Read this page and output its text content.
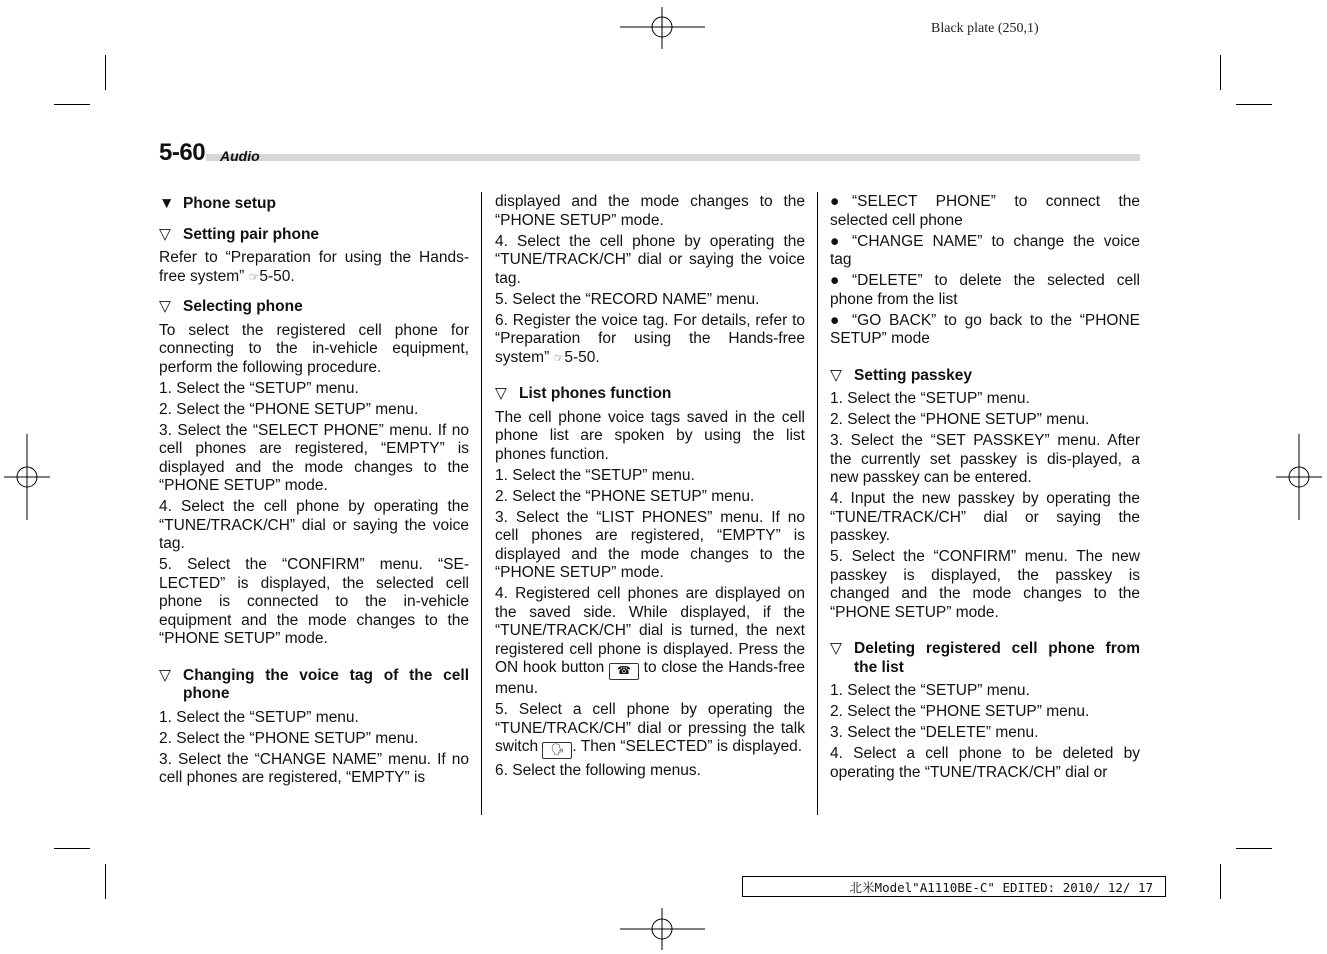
Black plate (250,1)
5-60 Audio

▼ Phone setup

▽ Setting pair phone

Refer to “Preparation for using the Hands-free system” ☞5-50.

▽ Selecting phone

To select the registered cell phone for connecting to the in-vehicle equipment, perform the following procedure.

1. Select the “SETUP” menu.

2. Select the “PHONE SETUP” menu.

3. Select the “SELECT PHONE” menu. If no cell phones are registered, “EMPTY” is displayed and the mode changes to the “PHONE SETUP” mode.

4. Select the cell phone by operating the “TUNE/TRACK/CH” dial or saying the voice tag.

5. Select the “CONFIRM” menu. “SE-LECTED” is displayed, the selected cell phone is connected to the in-vehicle equipment and the mode changes to the “PHONE SETUP” mode.

▽ Changing the voice tag of the cell phone

1. Select the “SETUP” menu.

2. Select the “PHONE SETUP” menu.

3. Select the “CHANGE NAME” menu. If no cell phones are registered, “EMPTY” is

displayed and the mode changes to the “PHONE SETUP” mode.

4. Select the cell phone by operating the “TUNE/TRACK/CH” dial or saying the voice tag.

5. Select the “RECORD NAME” menu.

6. Register the voice tag. For details, refer to “Preparation for using the Hands-free system” ☞5-50.

▽ List phones function

The cell phone voice tags saved in the cell phone list are spoken by using the list phones function.

1. Select the “SETUP” menu.

2. Select the “PHONE SETUP” menu.

3. Select the “LIST PHONES” menu. If no cell phones are registered, “EMPTY” is displayed and the mode changes to the “PHONE SETUP” mode.

4. Registered cell phones are displayed on the saved side. While displayed, if the “TUNE/TRACK/CH” dial is turned, the next registered cell phone is displayed. Press the ON hook button ☎ to close the Hands-free menu.

5. Select a cell phone by operating the “TUNE/TRACK/CH” dial or pressing the talk switch 🗣 . Then “SELECTED” is displayed.

6. Select the following menus.

● “SELECT PHONE” to connect the selected cell phone

● “CHANGE NAME” to change the voice tag

● “DELETE” to delete the selected cell phone from the list

● “GO BACK” to go back to the “PHONE SETUP” mode

▽ Setting passkey

1. Select the “SETUP” menu.

2. Select the “PHONE SETUP” menu.

3. Select the “SET PASSKEY” menu. After the currently set passkey is dis-played, a new passkey can be entered.

4. Input the new passkey by operating the “TUNE/TRACK/CH” dial or saying the passkey.

5. Select the “CONFIRM” menu. The new passkey is displayed, the passkey is changed and the mode changes to the “PHONE SETUP” mode.

▽ Deleting registered cell phone from the list

1. Select the “SETUP” menu.

2. Select the “PHONE SETUP” menu.

3. Select the “DELETE” menu.

4. Select a cell phone to be deleted by operating the “TUNE/TRACK/CH” dial or

北米Model"A1110BE-C" EDITED: 2010/ 12/ 17
